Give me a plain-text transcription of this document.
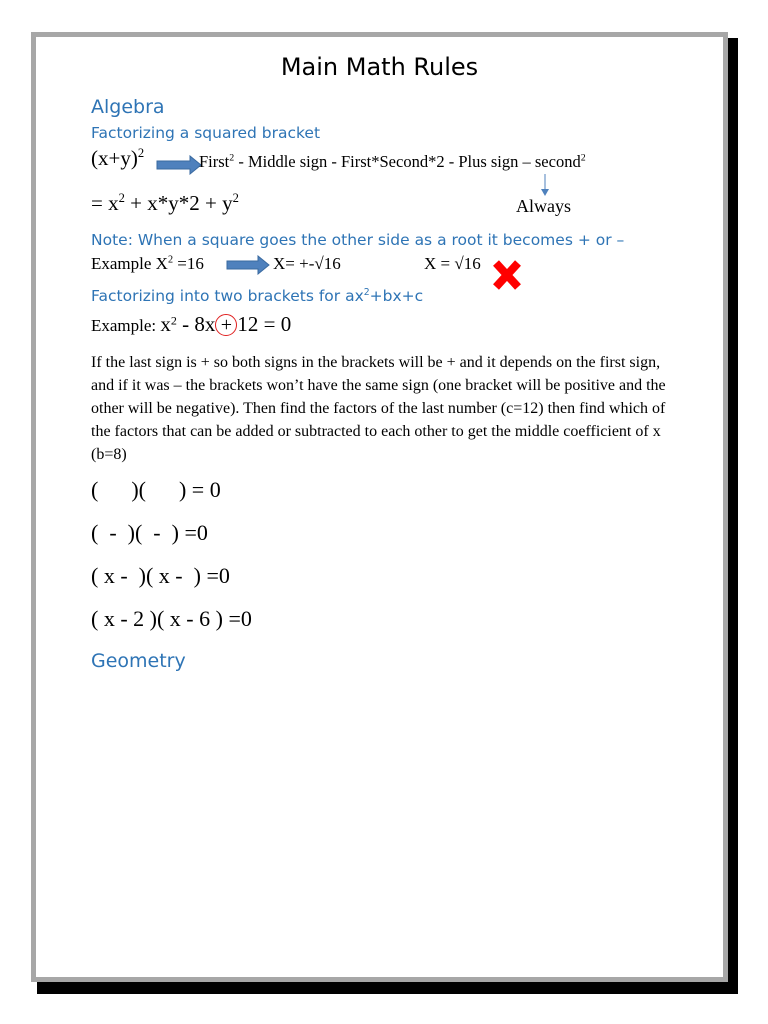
Main Math Rules
Algebra
Factorizing a squared bracket
$(x+y)^2$	First$^2$ - Middle sign - First*Second*2 - Plus sign – second$^2$
= $x^2 + x*y*2 + y^2$	Always
Note: When a square goes the other side as a root it becomes + or –
Example $X^2 =16$	X= +-√16	X = √16
Factorizing into two brackets for $ax^2+bx+c$
Example: $x^2 - 8x + 12 = 0$
If the last sign is + so both signs in the brackets will be + and it depends on the first sign, and if it was – the brackets won’t have the same sign (one bracket will be positive and the other will be negative). Then find the factors of the last number (c=12) then find which of the factors that can be added or subtracted to each other to get the middle coefficient of x (b=8)
(      )(      ) = 0
(  -  )(  -  ) =0
( x -  )( x -  ) =0
( x - 2 )( x - 6 ) =0
Geometry
